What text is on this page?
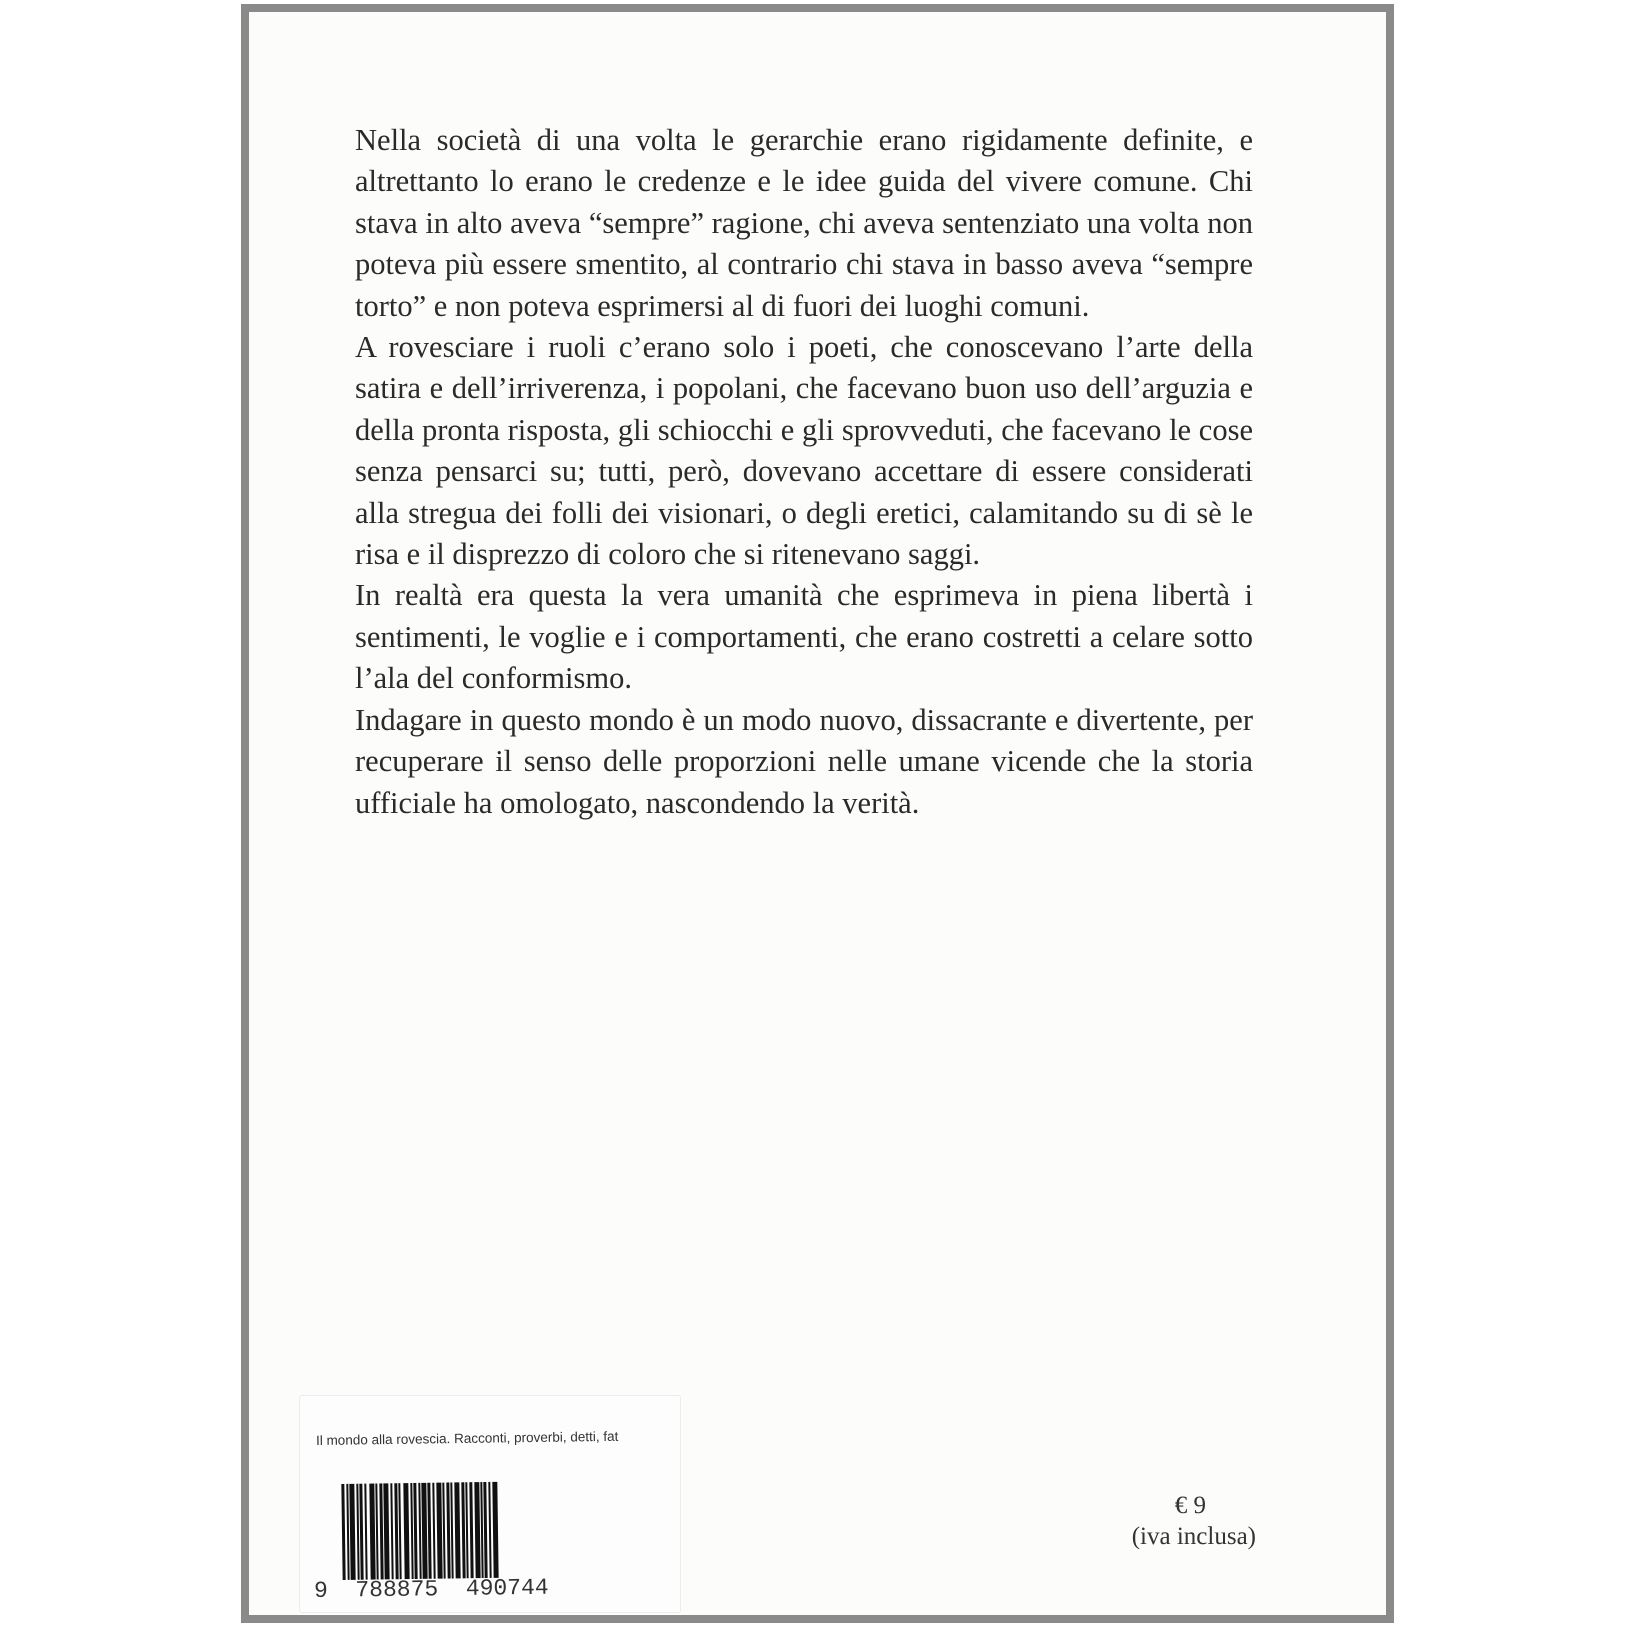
Nella società di una volta le gerarchie erano rigidamente definite, e altrettanto lo erano le credenze e le idee guida del vivere comune. Chi stava in alto aveva “sempre” ragione, chi aveva sentenziato una volta non poteva più essere smentito, al contrario chi stava in basso aveva “sempre torto” e non poteva esprimersi al di fuori dei luoghi comuni.

A rovesciare i ruoli c’erano solo i poeti, che conoscevano l’arte della satira e dell’irriverenza, i popolani, che facevano buon uso dell’arguzia e della pronta risposta, gli schiocchi e gli sprovveduti, che facevano le cose senza pensarci su; tutti, però, dovevano accettare di essere considerati alla stregua dei folli dei visionari, o degli eretici, calamitando su di sè le risa e il disprezzo di coloro che si ritenevano saggi.

In realtà era questa la vera umanità che esprimeva in piena libertà i sentimenti, le voglie e i comportamenti, che erano costretti a celare sotto l’ala del conformismo.

Indagare in questo mondo è un modo nuovo, dissacrante e divertente, per recuperare il senso delle proporzioni nelle umane vicende che la storia ufficiale ha omologato, nascondendo la verità.

Il mondo alla rovescia. Racconti, proverbi, detti, fat
9  788875  490744
€ 9
(iva inclusa)
